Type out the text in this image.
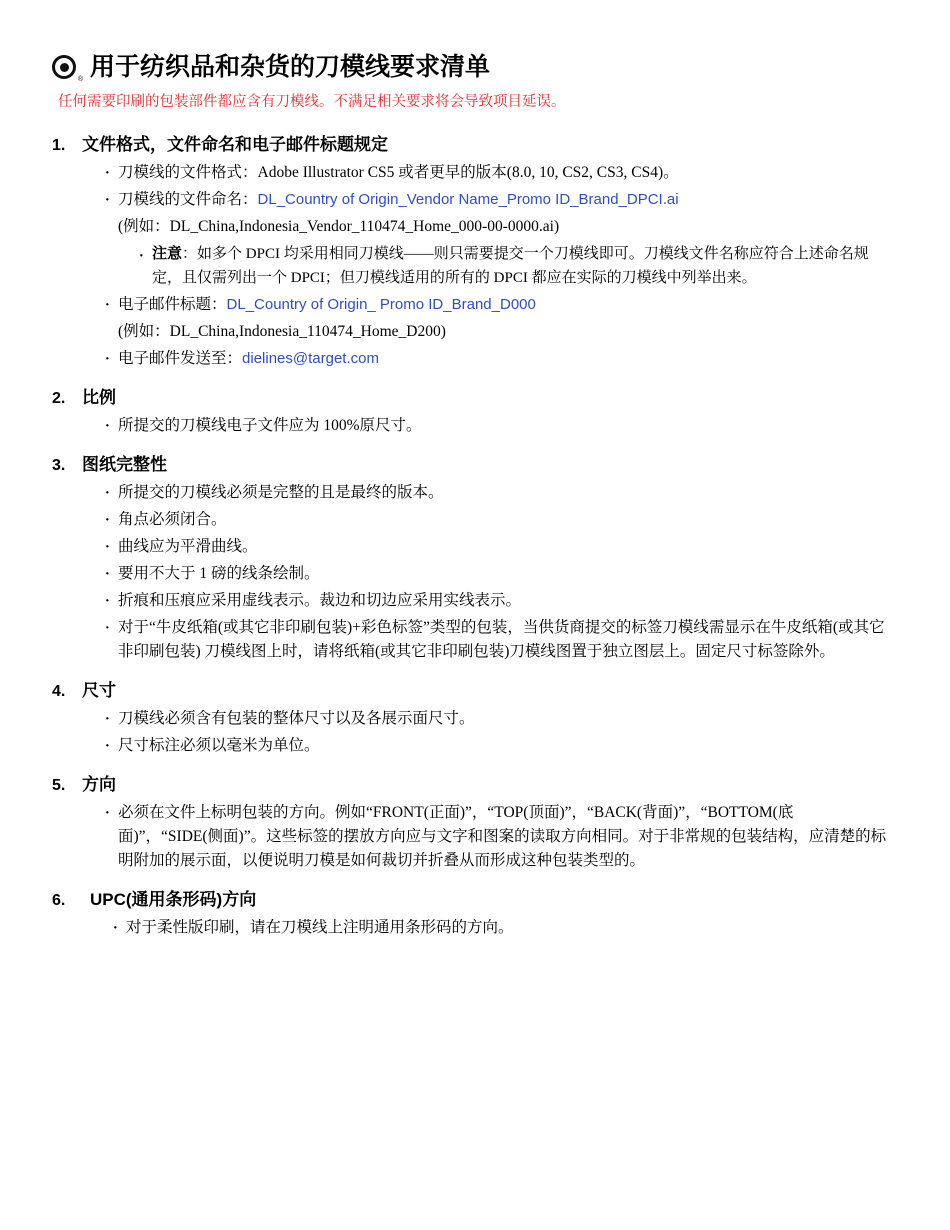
® 用于纺织品和杂货的刀模线要求清单

任何需要印刷的包装部件都应含有刀模线。不满足相关要求将会导致项目延误。

1. 文件格式，文件命名和电子邮件标题规定
· 刀模线的文件格式：Adobe Illustrator CS5 或者更早的版本(8.0, 10, CS2, CS3, CS4)。
· 刀模线的文件命名：DL_Country of Origin_Vendor Name_Promo ID_Brand_DPCI.ai
(例如：DL_China,Indonesia_Vendor_110474_Home_000-00-0000.ai)
· 注意：如多个 DPCI 均采用相同刀模线——则只需要提交一个刀模线即可。刀模线文件名称应符合上述命名规定，且仅需列出一个 DPCI；但刀模线适用的所有的 DPCI 都应在实际的刀模线中列举出来。
· 电子邮件标题：DL_Country of Origin_ Promo ID_Brand_D000
(例如：DL_China,Indonesia_110474_Home_D200)
· 电子邮件发送至：dielines@target.com
2. 比例
· 所提交的刀模线电子文件应为 100%原尺寸。
3. 图纸完整性
· 所提交的刀模线必须是完整的且是最终的版本。
· 角点必须闭合。
· 曲线应为平滑曲线。
· 要用不大于 1 磅的线条绘制。
· 折痕和压痕应采用虚线表示。裁边和切边应采用实线表示。
· 对于“牛皮纸箱(或其它非印刷包装)+彩色标签”类型的包装，当供货商提交的标签刀模线需显示在牛皮纸箱(或其它非印刷包装) 刀模线图上时，请将纸箱(或其它非印刷包装)刀模线图置于独立图层上。固定尺寸标签除外。
4. 尺寸
· 刀模线必须含有包装的整体尺寸以及各展示面尺寸。
· 尺寸标注必须以毫米为单位。
5. 方向
· 必须在文件上标明包装的方向。例如“FRONT(正面)”，“TOP(顶面)”，“BACK(背面)”，“BOTTOM(底面)”，“SIDE(侧面)”。这些标签的摆放方向应与文字和图案的读取方向相同。对于非常规的包装结构，应清楚的标明附加的展示面，以便说明刀模是如何裁切并折叠从而形成这种包装类型的。
6.	UPC(通用条形码)方向
· 对于柔性版印刷，请在刀模线上注明通用条形码的方向。
